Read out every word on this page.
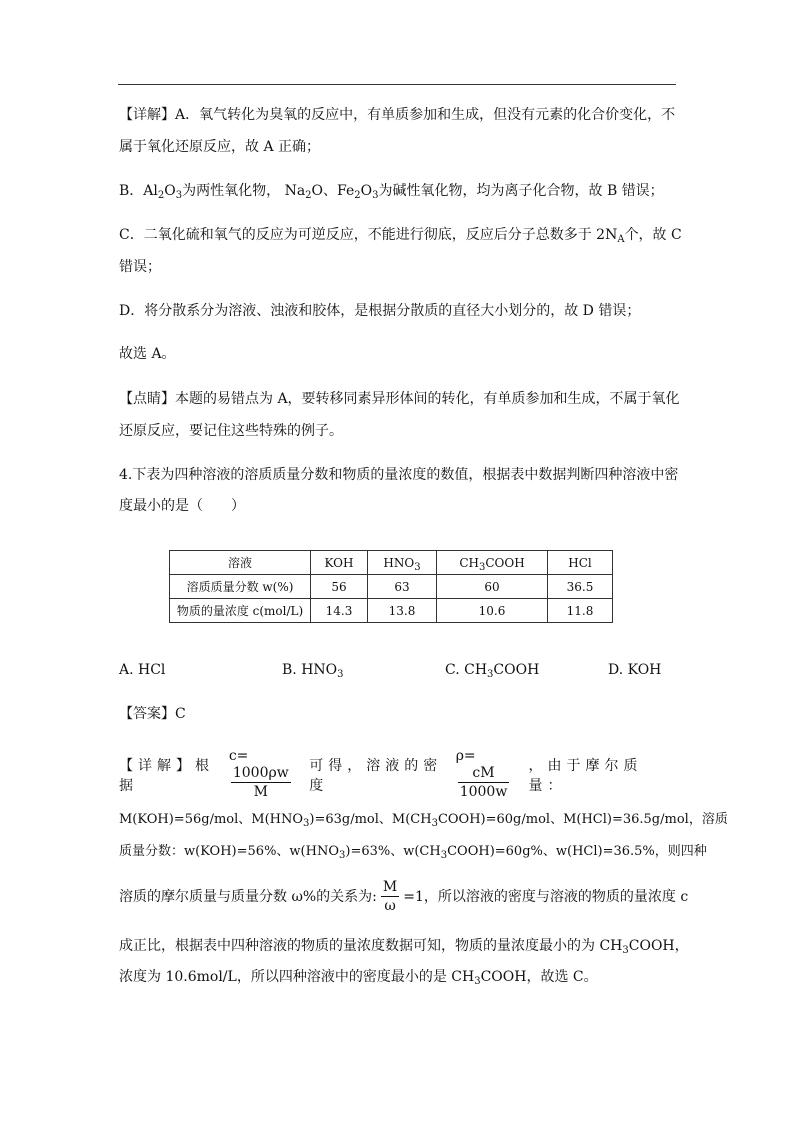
【详解】A．氧气转化为臭氧的反应中，有单质参加和生成，但没有元素的化合价变化，不
属于氧化还原反应，故 A 正确；
B．$Al_2O_3$为两性氧化物， $Na_2O$、$Fe_2O_3$为碱性氧化物，均为离子化合物，故 B 错误；
C．二氧化硫和氧气的反应为可逆反应，不能进行彻底，反应后分子总数多于 $2N_A$个，故 C
错误；
D．将分散系分为溶液、浊液和胶体，是根据分散质的直径大小划分的，故 D 错误；
故选 A。
【点睛】本题的易错点为 A，要转移同素异形体间的转化，有单质参加和生成，不属于氧化
还原反应，要记住这些特殊的例子。
4.下表为四种溶液的溶质质量分数和物质的量浓度的数值，根据表中数据判断四种溶液中密
度最小的是（　　）
溶液	KOH	$HNO_3$	$CH_3COOH$	HCl
溶质质量分数 w(%)	56	63	60	36.5
物质的量浓度 c(mol/L)	14.3	13.8	10.6	11.8
A. HCl	B. $HNO_3$	C. $CH_3COOH$	D. KOH
【答案】C
【详解】根据
c=
$\frac{1000\rho w}{M}$ 可得，溶液的密度
ρ=
$\frac{cM}{1000w}$ ，由于摩尔质量：
M(KOH)=56g/mol、$M(HNO_3)=63g$/mol、$M(CH_3COOH)=60g$/mol、M(HCl)=36.5g/mol，溶质
质量分数：w(KOH)=56%、$w(HNO_3)=63\%$、$w(CH_3COOH)=60g\%$、w(HCl)=36.5%，则四种
溶质的摩尔质量与质量分数 ω%的关系为: $\frac{M}{\omega} =1$，所以溶液的密度与溶液的物质的量浓度 c
成正比，根据表中四种溶液的物质的量浓度数据可知，物质的量浓度最小的为 $CH_3COOH$，
浓度为 10.6mol/L，所以四种溶液中的密度最小的是 $CH_3COOH$，故选 C。
